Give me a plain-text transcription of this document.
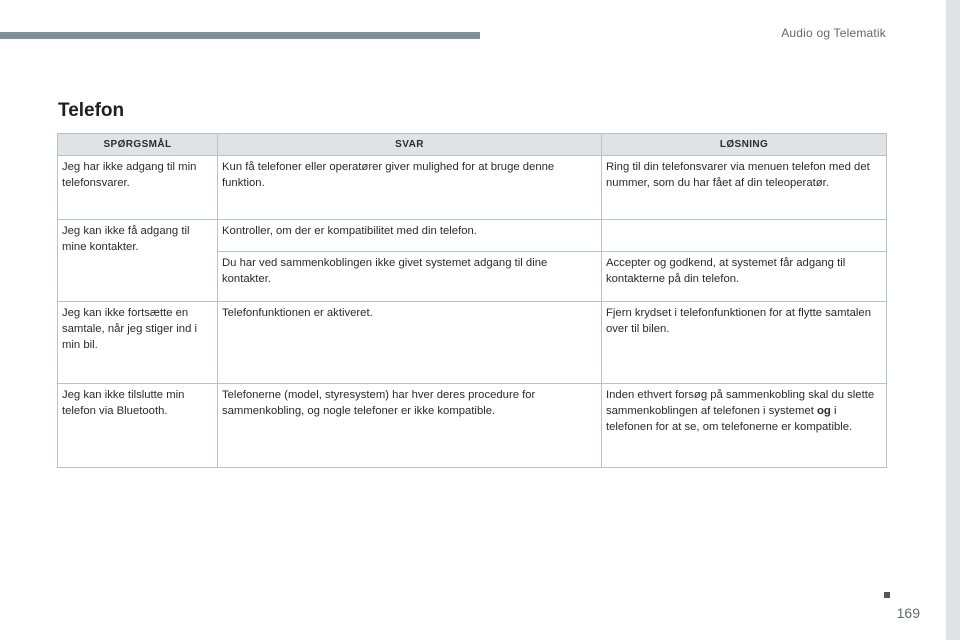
Audio og Telematik
Telefon
SPØRGSMÅL	SVAR	LØSNING
Jeg har ikke adgang til min telefonsvarer.	Kun få telefoner eller operatører giver mulighed for at bruge denne funktion.	Ring til din telefonsvarer via menuen telefon med det nummer, som du har fået af din teleoperatør.
Jeg kan ikke få adgang til mine kontakter.	Kontroller, om der er kompatibilitet med din telefon.	
	Du har ved sammenkoblingen ikke givet systemet adgang til dine kontakter.	Accepter og godkend, at systemet får adgang til kontakterne på din telefon.
Jeg kan ikke fortsætte en samtale, når jeg stiger ind i min bil.	Telefonfunktionen er aktiveret.	Fjern krydset i telefonfunktionen for at flytte samtalen over til bilen.
Jeg kan ikke tilslutte min telefon via Bluetooth.	Telefonerne (model, styresystem) har hver deres procedure for sammenkobling, og nogle telefoner er ikke kompatible.	Inden ethvert forsøg på sammenkobling skal du slette sammenkoblingen af telefonen i systemet og i telefonen for at se, om telefonerne er kompatible.
169
